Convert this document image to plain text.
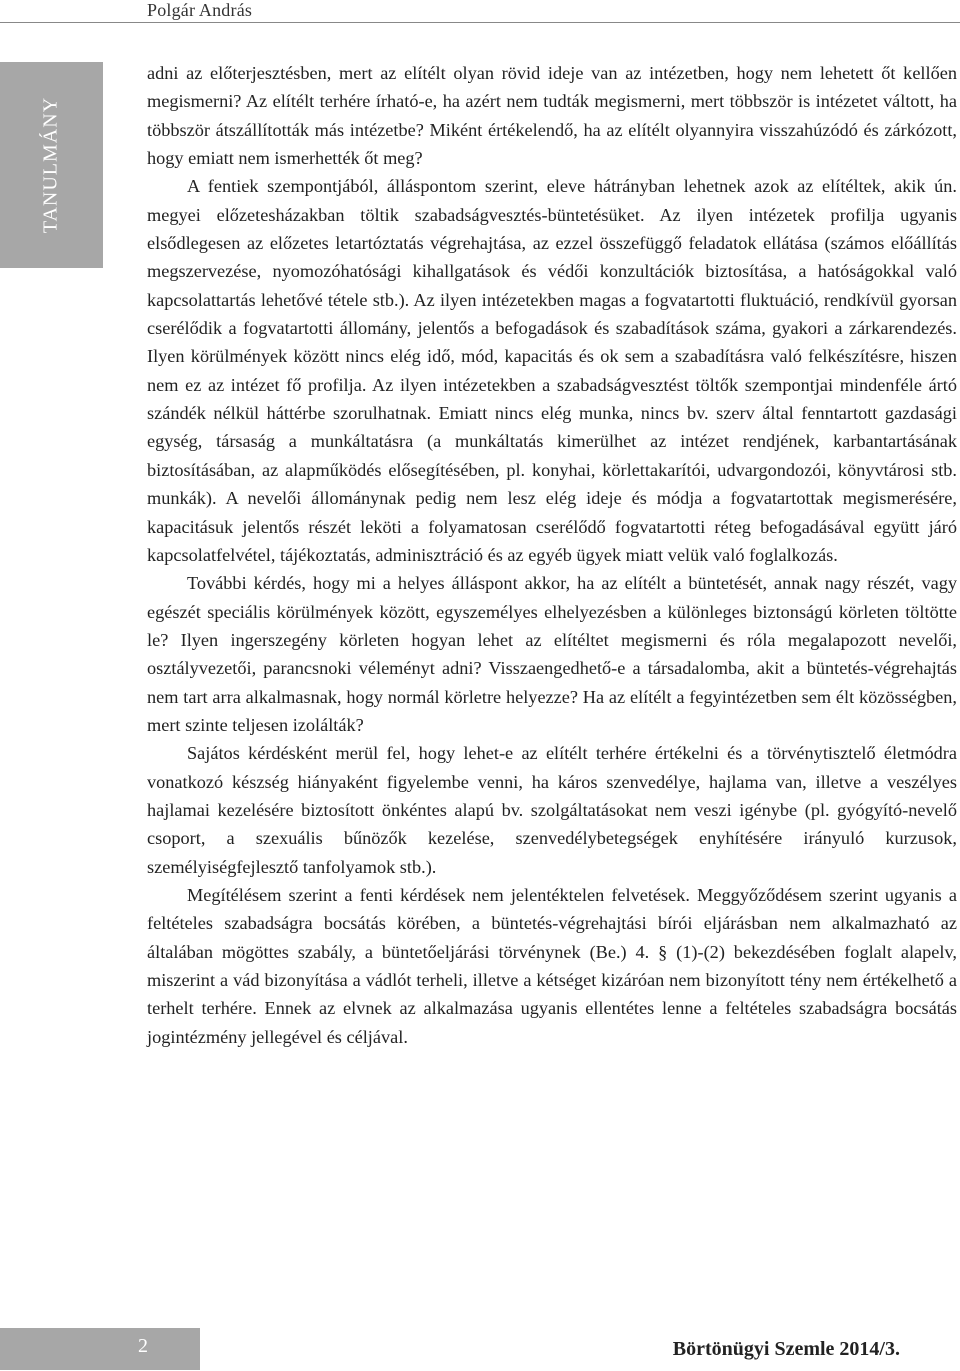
Polgár András
TANULMÁNY

adni az előterjesztésben, mert az elítélt olyan rövid ideje van az intézetben, hogy nem lehetett őt kellően megismerni? Az elítélt terhére írható-e, ha azért nem tudták megismerni, mert többször is intézetet váltott, ha többször átszállították más intézetbe? Miként értékelendő, ha az elítélt olyannyira visszahúzódó és zárkózott, hogy emiatt nem ismerhették őt meg?

A fentiek szempontjából, álláspontom szerint, eleve hátrányban lehetnek azok az elítéltek, akik ún. megyei előzetesházakban töltik szabadságvesztés-büntetésüket. Az ilyen intézetek profilja ugyanis elsődlegesen az előzetes letartóztatás végrehajtása, az ezzel összefüggő feladatok ellátása (számos előállítás megszervezése, nyomozóhatósági kihallgatások és védői konzultációk biztosítása, a hatóságokkal való kapcsolattartás lehetővé tétele stb.). Az ilyen intézetekben magas a fogvatartotti fluktuáció, rendkívül gyorsan cserélődik a fogvatartotti állomány, jelentős a befogadások és szabadítások száma, gyakori a zárkarendezés. Ilyen körülmények között nincs elég idő, mód, kapacitás és ok sem a szabadításra való felkészítésre, hiszen nem ez az intézet fő profilja. Az ilyen intézetekben a szabadságvesztést töltők szempontjai mindenféle ártó szándék nélkül háttérbe szorulhatnak. Emiatt nincs elég munka, nincs bv. szerv által fenntartott gazdasági egység, társaság a munkáltatásra (a munkáltatás kimerülhet az intézet rendjének, karbantartásának biztosításában, az alapműködés elősegítésében, pl. konyhai, körlettakarítói, udvargondozói, könyvtárosi stb. munkák). A nevelői állománynak pedig nem lesz elég ideje és módja a fogvatartottak megismerésére, kapacitásuk jelentős részét leköti a folyamatosan cserélődő fogvatartotti réteg befogadásával együtt járó kapcsolatfelvétel, tájékoztatás, adminisztráció és az egyéb ügyek miatt velük való foglalkozás.

További kérdés, hogy mi a helyes álláspont akkor, ha az elítélt a büntetését, annak nagy részét, vagy egészét speciális körülmények között, egyszemélyes elhelyezésben a különleges biztonságú körleten töltötte le? Ilyen ingerszegény körleten hogyan lehet az elítéltet megismerni és róla megalapozott nevelői, osztályvezetői, parancsnoki véleményt adni? Visszaengedhető-e a társadalomba, akit a büntetés-végrehajtás nem tart arra alkalmasnak, hogy normál körletre helyezze? Ha az elítélt a fegyintézetben sem élt közösségben, mert szinte teljesen izolálták?

Sajátos kérdésként merül fel, hogy lehet-e az elítélt terhére értékelni és a törvénytisztelő életmódra vonatkozó készség hiányaként figyelembe venni, ha káros szenvedélye, hajlama van, illetve a veszélyes hajlamai kezelésére biztosított önkéntes alapú bv. szolgáltatásokat nem veszi igénybe (pl. gyógyító-nevelő csoport, a szexuális bűnözők kezelése, szenvedélybetegségek enyhítésére irányuló kurzusok, személyiségfejlesztő tanfolyamok stb.).

Megítélésem szerint a fenti kérdések nem jelentéktelen felvetések. Meggyőződésem szerint ugyanis a feltételes szabadságra bocsátás körében, a büntetés-végrehajtási bírói eljárásban nem alkalmazható az általában mögöttes szabály, a büntetőeljárási törvénynek (Be.) 4. § (1)-(2) bekezdésében foglalt alapelv, miszerint a vád bizonyítása a vádlót terheli, illetve a kétséget kizáróan nem bizonyított tény nem értékelhető a terhelt terhére. Ennek az elvnek az alkalmazása ugyanis ellentétes lenne a feltételes szabadságra bocsátás jogintézmény jellegével és céljával.

2	Börtönügyi Szemle 2014/3.
